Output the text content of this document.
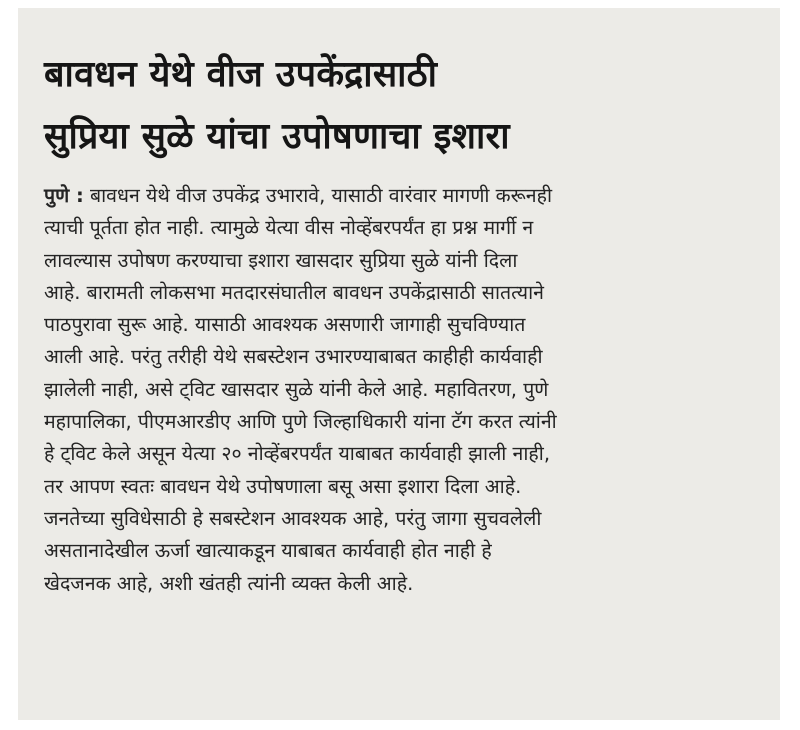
बावधन येथे वीज उपकेंद्रासाठी
सुप्रिया सुळे यांचा उपोषणाचा इशारा
पुणे : बावधन येथे वीज उपकेंद्र उभारावे, यासाठी वारंवार मागणी करूनही
त्याची पूर्तता होत नाही. त्यामुळे येत्या वीस नोव्हेंबरपर्यंत हा प्रश्न मार्गी न
लावल्यास उपोषण करण्याचा इशारा खासदार सुप्रिया सुळे यांनी दिला
आहे. बारामती लोकसभा मतदारसंघातील बावधन उपकेंद्रासाठी सातत्याने
पाठपुरावा सुरू आहे. यासाठी आवश्यक असणारी जागाही सुचविण्यात
आली आहे. परंतु तरीही येथे सबस्टेशन उभारण्याबाबत काहीही कार्यवाही
झालेली नाही, असे ट्विट खासदार सुळे यांनी केले आहे. महावितरण, पुणे
महापालिका, पीएमआरडीए आणि पुणे जिल्हाधिकारी यांना टॅग करत त्यांनी
हे ट्विट केले असून येत्या २० नोव्हेंबरपर्यंत याबाबत कार्यवाही झाली नाही,
तर आपण स्वतः बावधन येथे उपोषणाला बसू असा इशारा दिला आहे.
जनतेच्या सुविधेसाठी हे सबस्टेशन आवश्यक आहे, परंतु जागा सुचवलेली
असतानादेखील ऊर्जा खात्याकडून याबाबत कार्यवाही होत नाही हे
खेदजनक आहे, अशी खंतही त्यांनी व्यक्त केली आहे.
